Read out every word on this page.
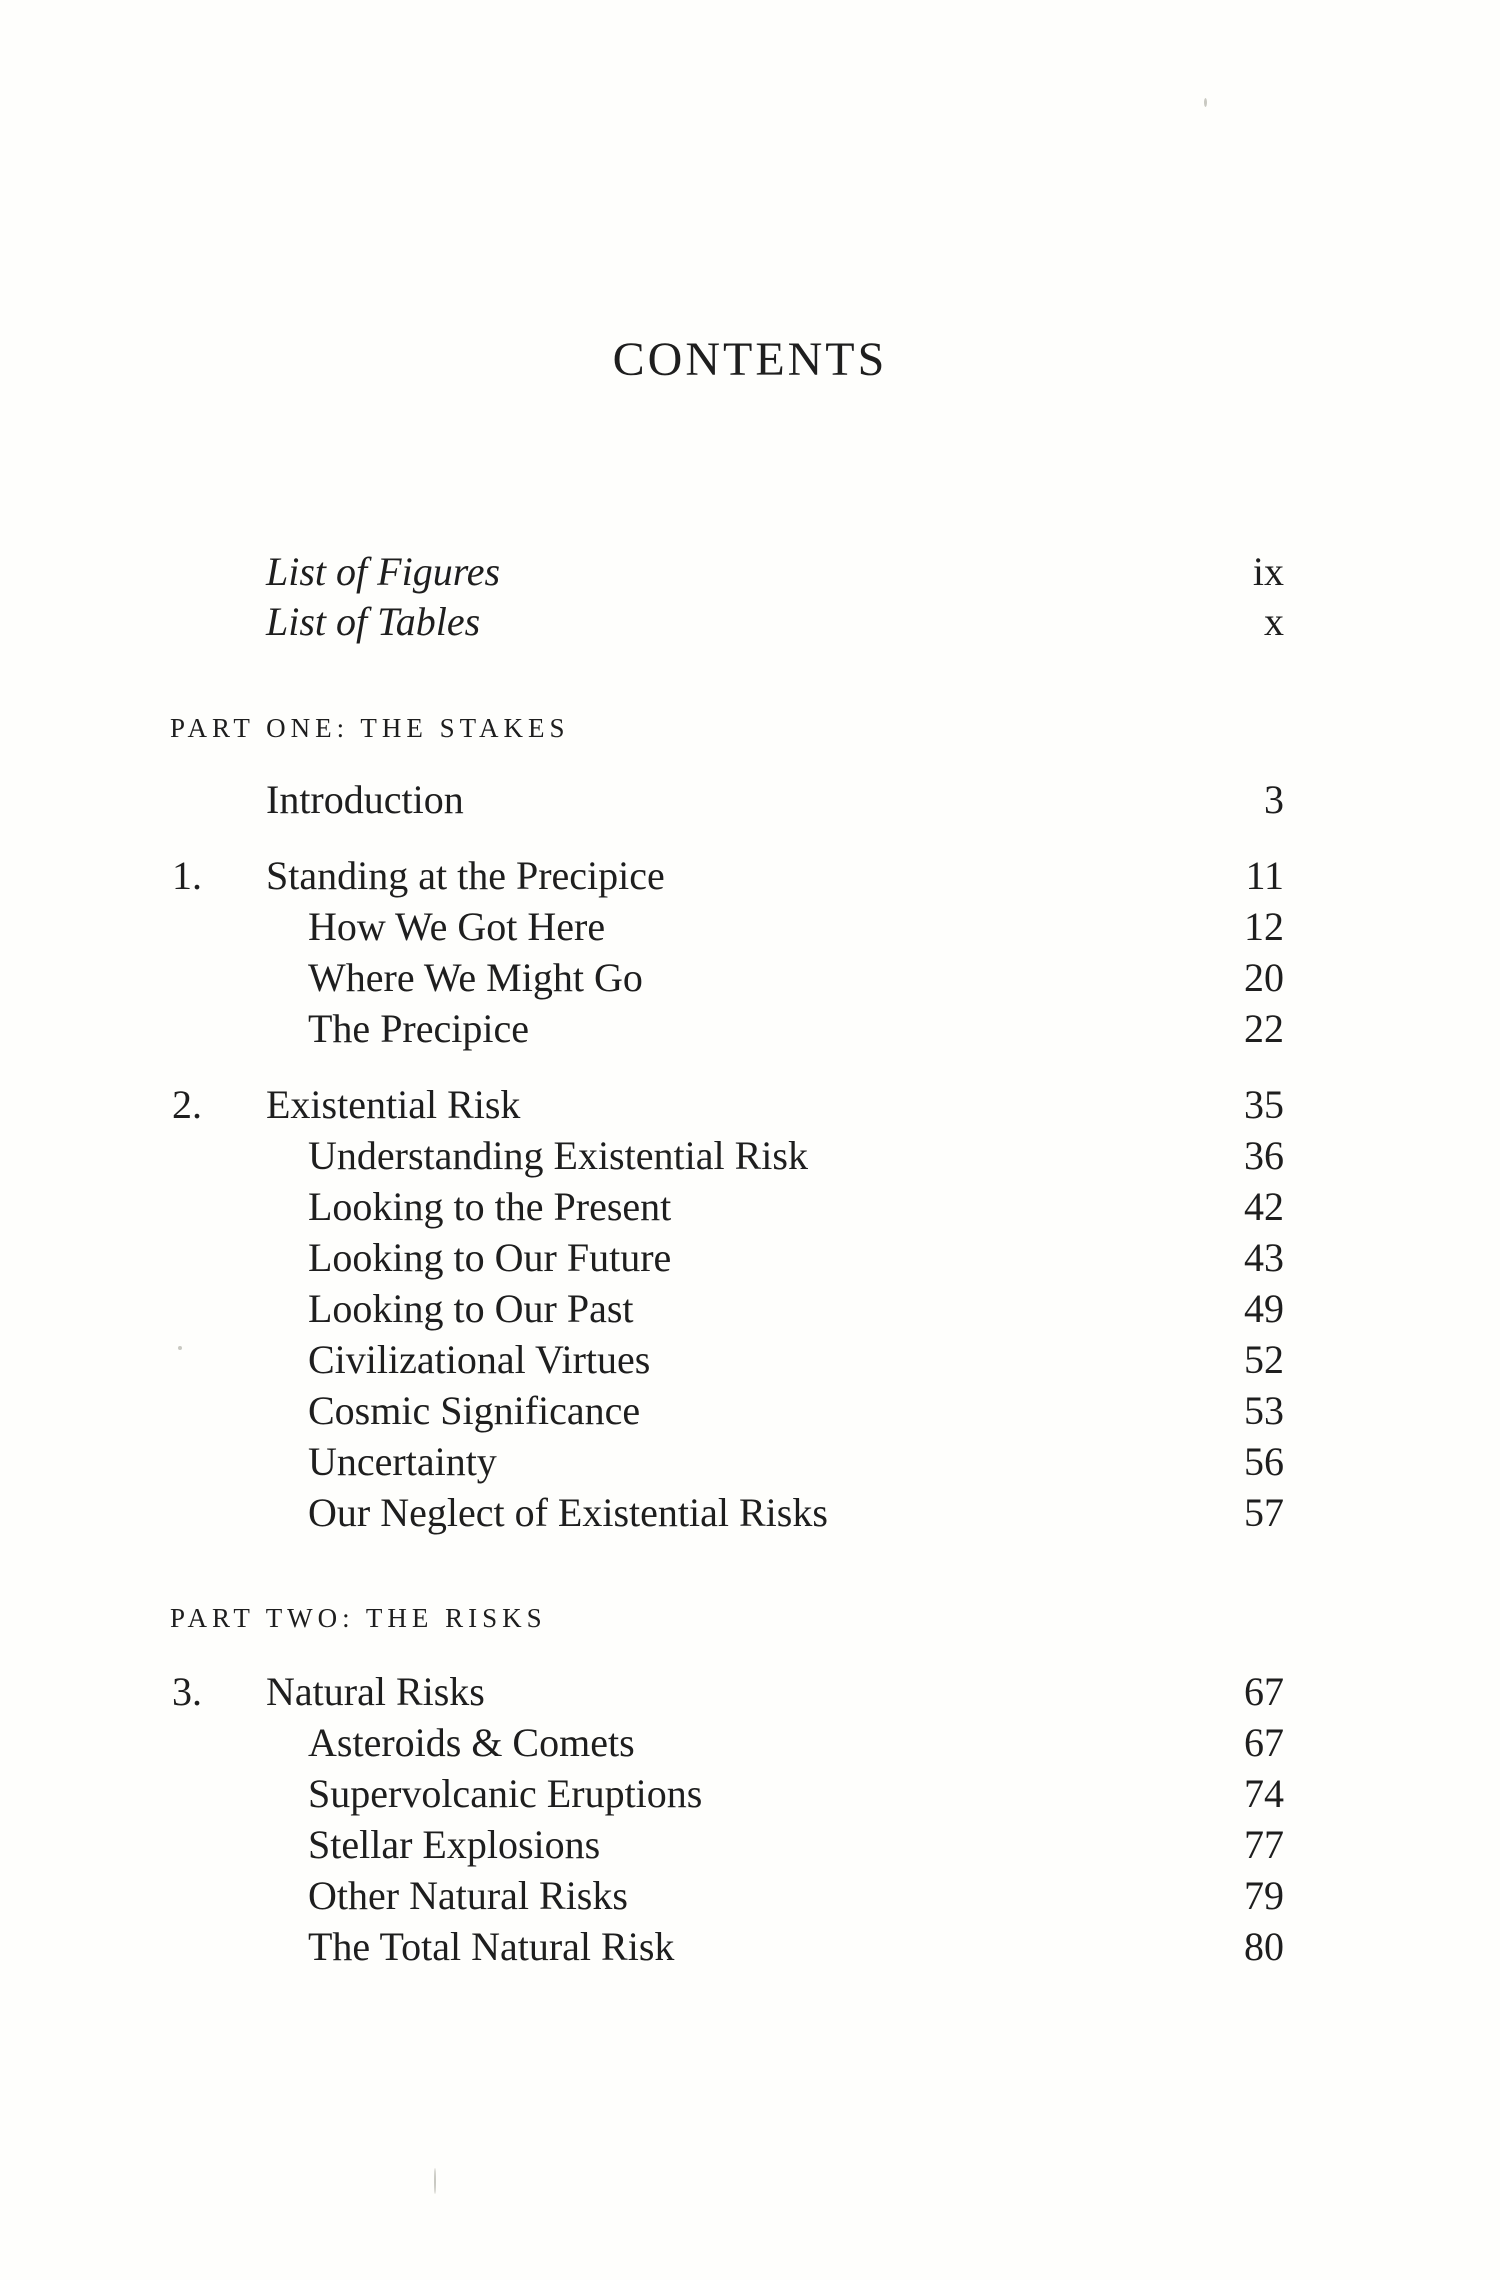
CONTENTS
List of Figures	ix
List of Tables	x
PART ONE: THE STAKES
Introduction	3
1. Standing at the Precipice	11
How We Got Here	12
Where We Might Go	20
The Precipice	22
2. Existential Risk	35
Understanding Existential Risk	36
Looking to the Present	42
Looking to Our Future	43
Looking to Our Past	49
Civilizational Virtues	52
Cosmic Significance	53
Uncertainty	56
Our Neglect of Existential Risks	57
PART TWO: THE RISKS
3. Natural Risks	67
Asteroids & Comets	67
Supervolcanic Eruptions	74
Stellar Explosions	77
Other Natural Risks	79
The Total Natural Risk	80
